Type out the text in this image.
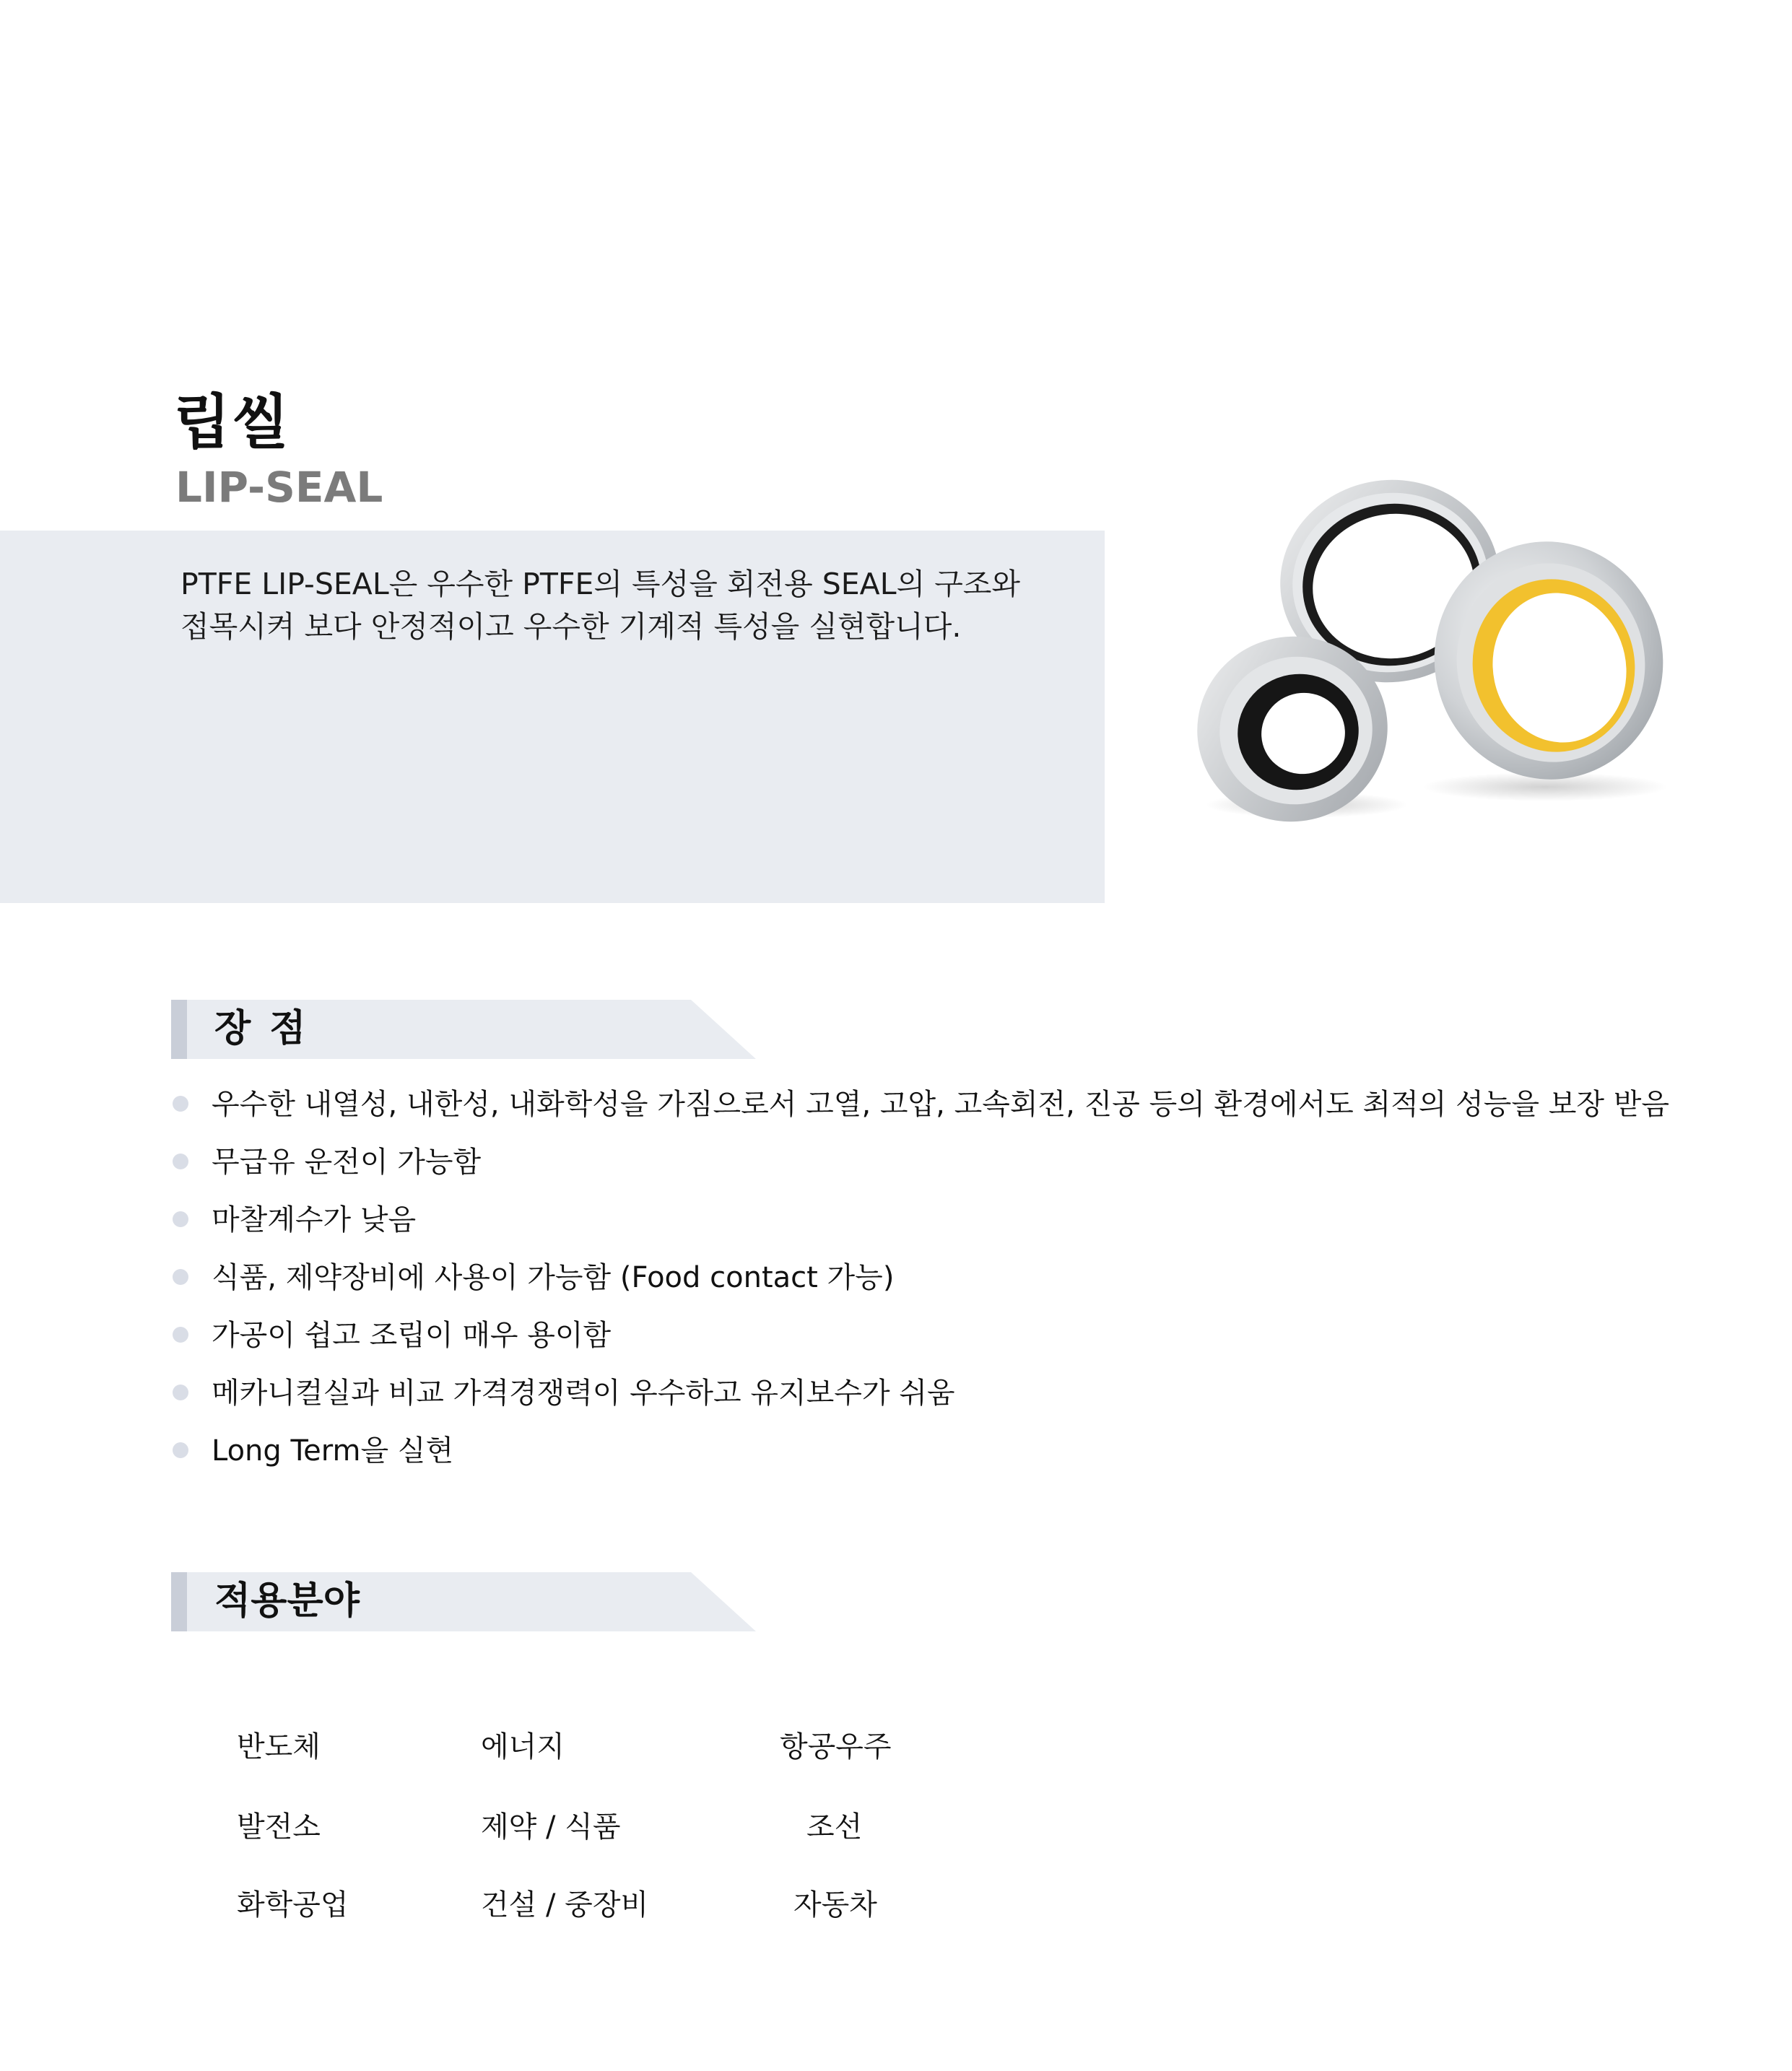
립씰
LIP-SEAL
PTFE LIP-SEAL은 우수한 PTFE의 특성을 회전용 SEAL의 구조와
접목시켜 보다 안정적이고 우수한 기계적 특성을 실현합니다.
장점
우수한 내열성, 내한성, 내화학성을 가짐으로서 고열, 고압, 고속회전, 진공 등의 환경에서도 최적의 성능을 보장 받음
무급유 운전이 가능함
마찰계수가 낮음
식품, 제약장비에 사용이 가능함 (Food contact 가능)
가공이 쉽고 조립이 매우 용이함
메카니컬실과 비교 가격경쟁력이 우수하고 유지보수가 쉬움
Long Term을 실현
적용분야
반도체	에너지	항공우주
발전소	제약 / 식품	조선
화학공업	건설 / 중장비	자동차
